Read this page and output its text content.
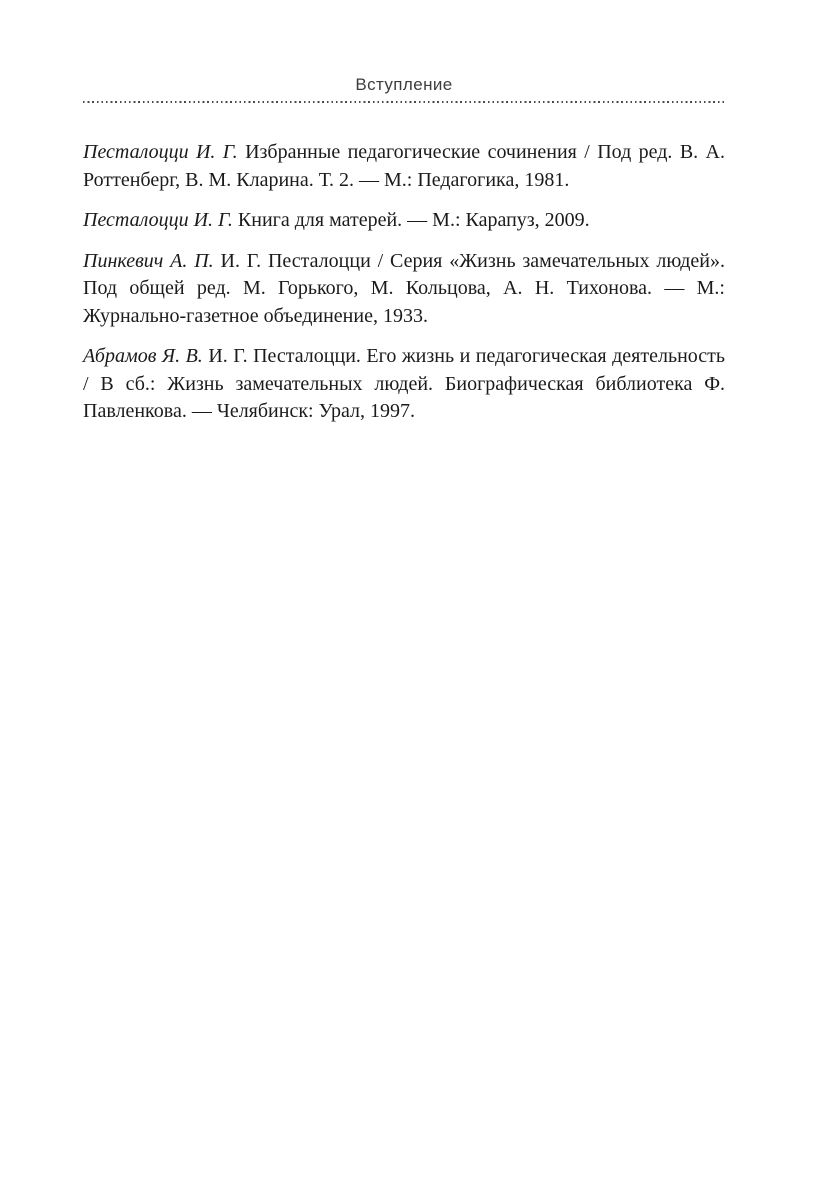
Вступление

Песталоцци И. Г. Избранные педагогические сочинения / Под ред. В. А. Роттенберг, В. М. Кларина. Т. 2. — М.: Педагогика, 1981.

Песталоцци И. Г. Книга для матерей. — М.: Карапуз, 2009.

Пинкевич А. П. И. Г. Песталоцци / Серия «Жизнь замечательных людей». Под общей ред. М. Горького, М. Кольцова, А. Н. Тихонова. — М.: Журнально-газетное объединение, 1933.

Абрамов Я. В. И. Г. Песталоцци. Его жизнь и педагогическая деятельность / В сб.: Жизнь замечательных людей. Биографическая библиотека Ф. Павленкова. — Челябинск: Урал, 1997.
